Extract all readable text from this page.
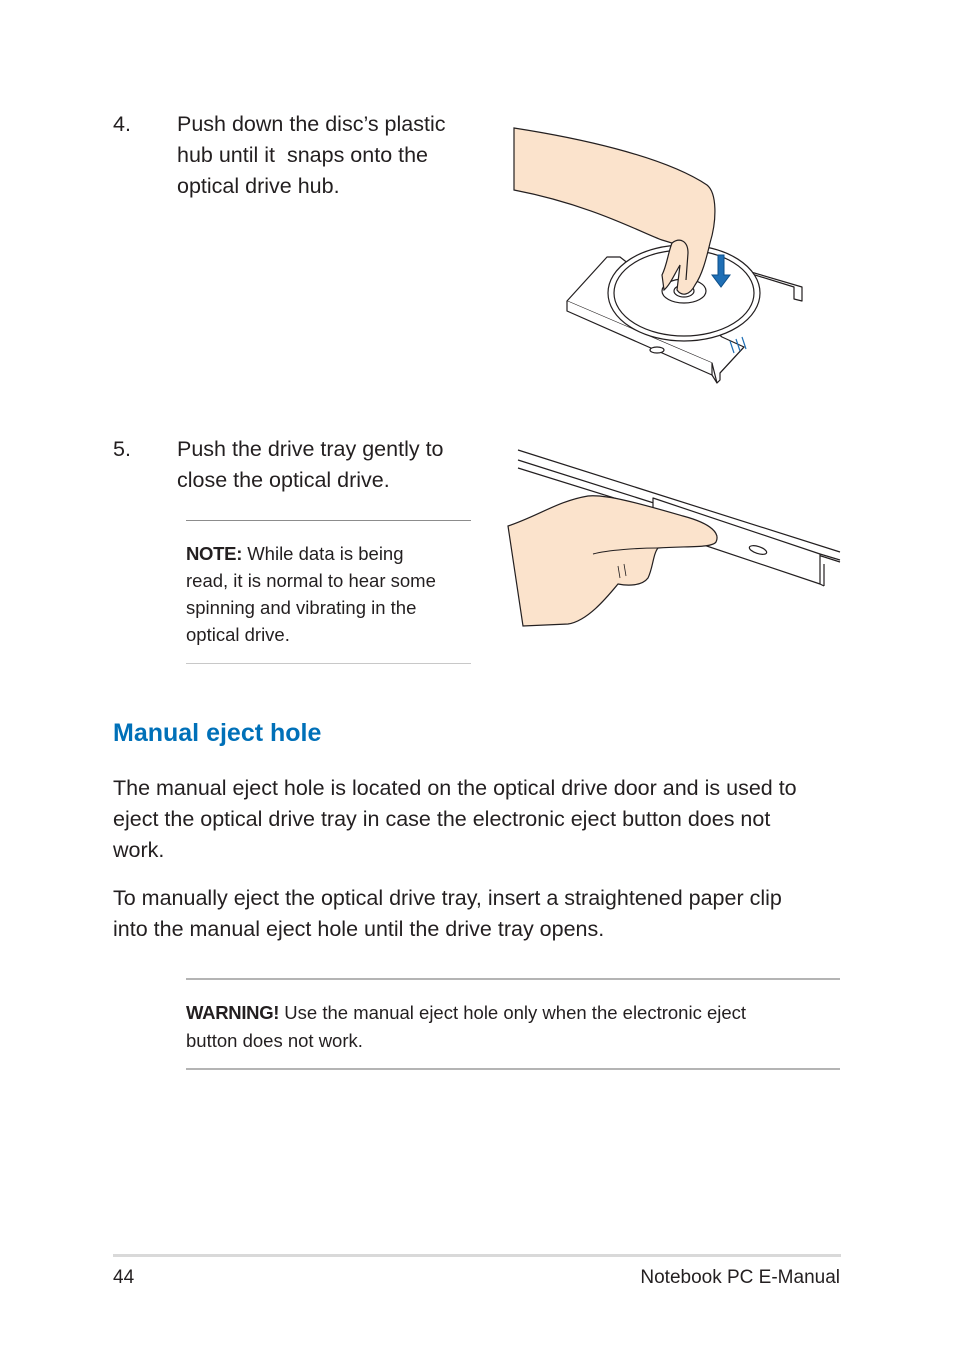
4. Push down the disc’s plastic
hub until it  snaps onto the
optical drive hub.
5. Push the drive tray gently to
close the optical drive.
NOTE: While data is being
read, it is normal to hear some
spinning and vibrating in the
optical drive.
Manual eject hole
The manual eject hole is located on the optical drive door and is used to
eject the optical drive tray in case the electronic eject button does not
work.
To manually eject the optical drive tray, insert a straightened paper clip
into the manual eject hole until the drive tray opens.
WARNING! Use the manual eject hole only when the electronic eject
button does not work.
44	Notebook PC E-Manual
